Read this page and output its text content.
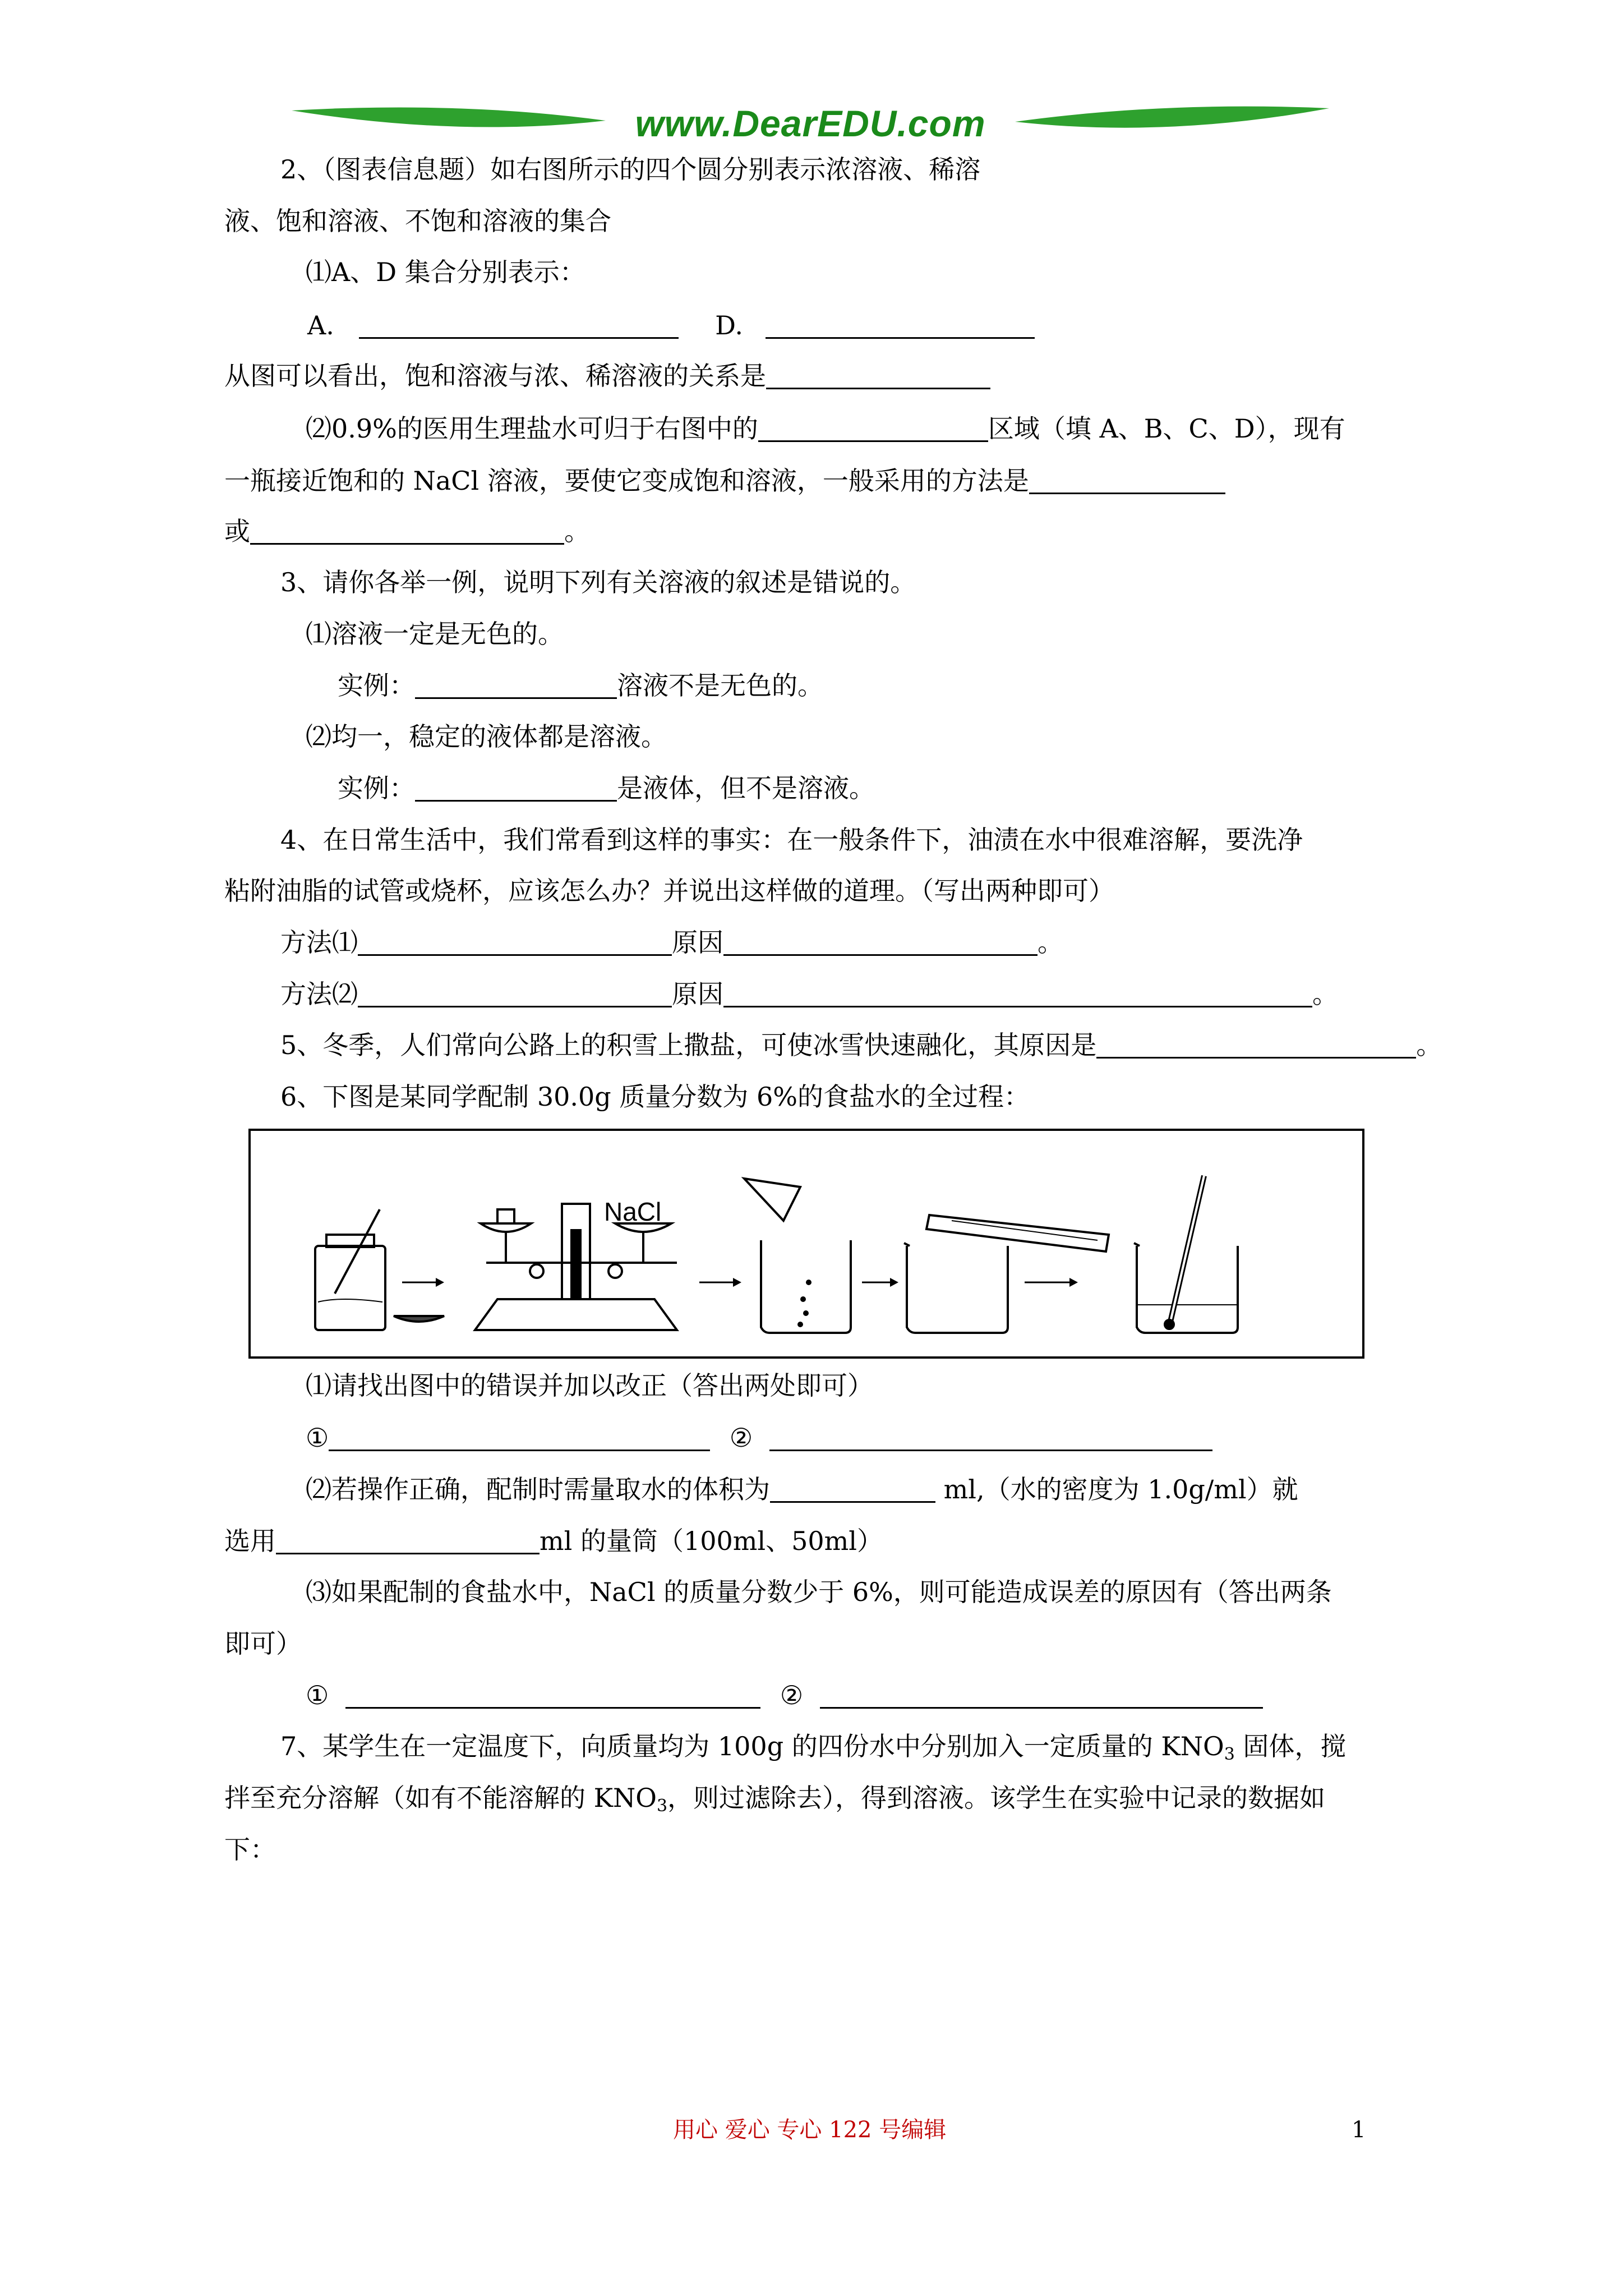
www.DearEDU.com
2、（图表信息题）如右图所示的四个圆分别表示浓溶液、稀溶
液、饱和溶液、不饱和溶液的集合
⑴A、D 集合分别表示：
A.	D.
从图可以看出，饱和溶液与浓、稀溶液的关系是
⑵0.9%的医用生理盐水可归于右图中的	区域（填 A、B、C、D），现有
一瓶接近饱和的 NaCl 溶液，要使它变成饱和溶液，一般采用的方法是
或	。
3、请你各举一例，说明下列有关溶液的叙述是错说的。
⑴溶液一定是无色的。
实例：	溶液不是无色的。
⑵均一，稳定的液体都是溶液。
实例：	是液体，但不是溶液。
4、在日常生活中，我们常看到这样的事实：在一般条件下，油渍在水中很难溶解，要洗净
粘附油脂的试管或烧杯，应该怎么办？并说出这样做的道理。（写出两种即可）
方法⑴	原因	。
方法⑵	原因	。
5、冬季，人们常向公路上的积雪上撒盐，可使冰雪快速融化，其原因是	。
6、下图是某同学配制 30.0g 质量分数为 6%的食盐水的全过程：
NaCl
⑴请找出图中的错误并加以改正（答出两处即可）
①	②
⑵若操作正确，配制时需量取水的体积为	ml,（水的密度为 1.0g/ml）就
选用	ml 的量筒（100ml、50ml）
⑶如果配制的食盐水中，NaCl 的质量分数少于 6%，则可能造成误差的原因有（答出两条
即可）
①	②
7、某学生在一定温度下，向质量均为 100g 的四份水中分别加入一定质量的 $KNO_3$ 固体，搅
拌至充分溶解（如有不能溶解的 $KNO_3$，则过滤除去），得到溶液。该学生在实验中记录的数据如
下：
用心 爱心 专心 122 号编辑	1
